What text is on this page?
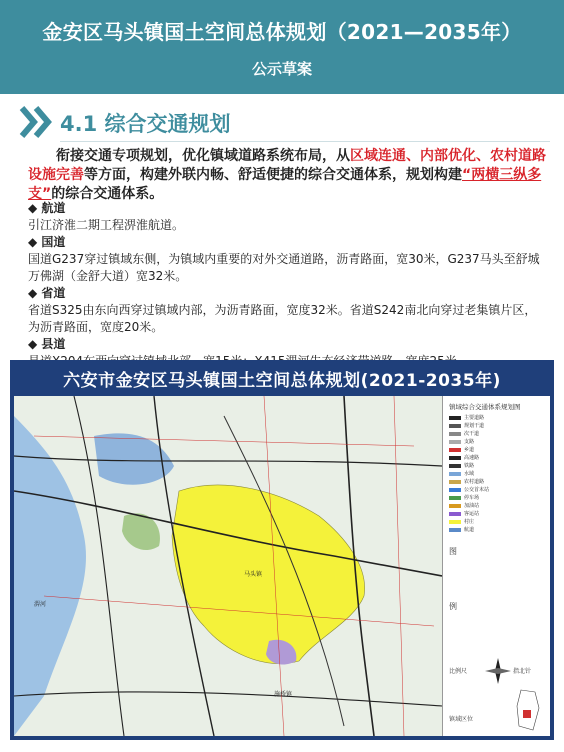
金安区马头镇国土空间总体规划（2021—2035年）
公示草案
4.1 综合交通规划
衔接交通专项规划，优化镇域道路系统布局，从区域连通、内部优化、农村道路设施完善等方面，构建外联内畅、舒适便捷的综合交通体系，规划构建“两横三纵多支”的综合交通体系。
◆ 航道
引江济淮二期工程淠淮航道。
◆ 国道
国道G237穿过镇域东侧，为镇域内重要的对外交通道路，沥青路面，宽30米，G237马头至舒城万佛湖（金舒大道）宽32米。
◆ 省道
省道S325由东向西穿过镇域内部，为沥青路面，宽度32米。省道S242南北向穿过老集镇片区，为沥青路面，宽度20米。
◆ 县道
六安市金安区马头镇国土空间总体规划(2021-2035年)
施桥镇
淠河
马头镇
镇域综合交通体系规划图
主要道路
规划干道
次干道
支路
乡道
高速路
铁路
水域
农村道路
公交首末站
停车场
加油站
客运站
村庄
航道
图
例
比例尺	指北针
镇域区位
